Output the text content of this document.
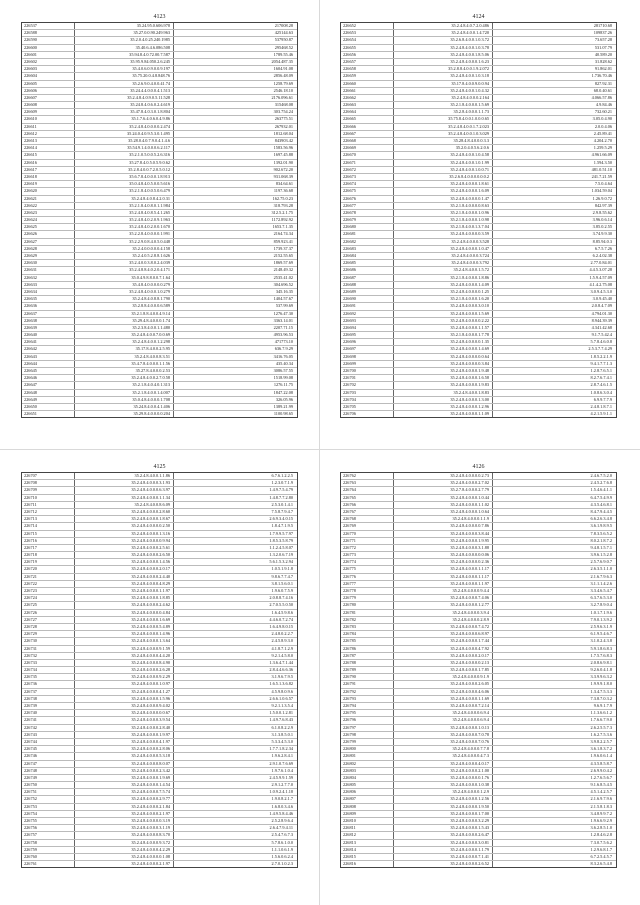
4123
226537	35.24.95.0.606.978	217008.28
226588	35.27.0.0.90.249.963	425144.63
226590	35.2.0.4.0.25.240.1985	537950.87
226600	35.40.6.4.6.086.508	295468.52
226601	35.94.8.4.0.72.00.7.587	1789.55.46
226602	35.95.9.84.050.2.6.245	2054.487.35
226603	35.4.0.6.0.9.0.0.9.197	1604.91.08
226604	35.75.20.0.4.8.848.76	2856.48.09
226605	35.2.6.9.0.4.0.0.41.74	1258.79.69
226606	35.24.4.4.0.0.0.4.1.513	2546.18.10
226607	35.2.4.8.4.0.9.0.5.11.528	2176.096.61
226608	35.24.8.4.0.6.0.2.4.619	315468.08
226609	35.47.8.4.0.3.0.1.8.804	303.754.24
226610	35.1.7.6.4.0.6.0.4.9.86	263775.51
226611	35.2.4.8.4.0.0.0.0.2.474	267932.01
226612	35.24.0.4.0.9.5.3.0.1.495	1812.68.04
226613	35.28.0.4.0.7.9.0.4.1.4.6	843903.42
226614	35.54.9.1.4.0.0.0.6.2.117	1583.56.96
226615	35.2.1.0.5.0.0.5.2.6.316	1697.45.88
226616	35.27.8.4.0.5.0.5.9.0.62	1392.01.90
226617	35.2.8.4.0.0.7.2.0.5.0.12	902.672.20
226618	35.6.7.8.4.0.0.0.1.8.913	931.068.39
226619	35.0.4.8.4.0.5.0.0.5.616	834.64.61
226620	35.2.1.8.4.0.0.5.0.6.479	1197.36.68
226621	35.2.4.8.4.0.8.4.2.0.31	162.75.0.23
226622	35.2.1.8.4.0.8.0.1.1.984	318.793.28
226623	35.2.4.8.4.0.8.5.4.1.265	312.5.2.1.75
226624	35.2.4.8.4.0.2.0.9.1.963	1172.892.92
226625	35.2.4.8.4.0.2.0.0.1.670	1653.7.1.35
226626	35.2.2.8.4.0.0.0.0.1.991	2164.74.34
226627	35.2.2.9.0.8.4.0.5.0.448	859.923.41
226628	35.2.4.0.0.0.0.0.4.158	1739.37.37
226629	35.2.4.0.5.2.8.8.1.626	2152.55.65
226630	35.2.4.0.0.3.8.0.2.4.039	1869.57.69
226631	35.2.4.8.8.4.0.2.0.4.171	2148.49.32
226632	35.0.4.9.8.8.0.0.7.1.64	2535.41.02
226633	35.4.8.4.0.0.0.0.0.279	304.696.52
226634	35.2.4.8.4.0.0.0.1.0.279	345.16.35
226635	35.2.4.8.4.0.8.8.1.790	1404.57.67
226636	35.2.8.8.4.0.0.0.6.589	537.99.69
226637	35.2.1.8.8.4.0.0.4.9.14	1276.47.30
226638	35.29.4.8.4.0.0.0.1.74	3363.14.01
226639	35.2.3.8.4.0.0.1.1.480	2207.71.15
226640	35.2.4.8.4.0.0.7.0.0.69	4953.96.53
226641	35.2.4.8.4.0.0.1.2.298	471773.10
226642	35.17.8.4.0.0.2.5.95	636.7.9.29
226643	35.2.4.8.4.0.0.8.3.51	3416.76.05
226644	35.4.7.8.4.0.0.0.1.1.56	435.40.34
226645	35.27.8.4.0.0.0.2.53	3086.57.55
226646	35.2.4.8.4.0.0.2.7.0.58	1518.99.08
226647	35.2.1.8.4.0.4.0.1.313	1276.11.75
226648	35.2.1.8.4.0.0.1.4.007	1847.22.08
226649	35.0.4.8.4.0.0.0.1.708	326.05.96
226650	35.24.8.4.0.0.4.1.406	1389.21.99
226651	35.29.8.4.0.0.0.0.204	1100.98.65
4124
226652	35.2.4.8.4.0.7.2.0.486	281710.68
226653	35.2.4.8.4.0.0.1.4.720	109837.26
226654	35.2.6.8.4.0.0.1.0.3.72	73.657.28
226655	35.2.4.8.4.0.0.1.0.3.78	531.07.79
226656	35.2.4.8.4.0.0.1.8.5.06	40.589.20
226657	35.2.4.8.4.0.0.0.1.6.23	31.828.62
226658	35.2.8.8.4.0.0.1.9.2.072	91.862.01
226659	35.2.4.8.4.0.0.1.0.3.18	1.736.70.46
226660	35.17.8.4.0.0.9.0.0.94	827.92.31
226661	35.2.4.8.4.0.0.1.0.4.32	68.0.40.61
226662	35.2.4.8.4.0.0.0.2.164	4.066.57.86
226663	35.2.1.8.4.0.0.0.1.5.69	4.9.84.46
226664	35.2.8.4.0.0.0.1.1.73	732.60.21
226665	35.75.8.4.0.0.1.0.0.0.65	3.05.0.4.90
226666	35.2.4.8.4.0.0.1.7.2.023	2.0.0.4.06
226667	35.2.4.8.4.0.0.1.0.3.029	2.45.89.41
226668	35.28.4.8.4.0.0.0.3.3	4.204.2.70
226669	35.2.0.4.0.5.6.2.0.6	1.259.5.29
226670	35.2.4.8.4.0.0.1.0.4.58	4.961.66.09
226671	35.2.4.8.4.0.0.1.0.1.99	1.594.3.50
226672	35.2.4.8.4.0.0.1.0.0.71	481.0.51.10
226673	35.2.6.8.4.0.0.0.0.0.0.2	241.7.21.59
226674	35.2.4.8.4.0.0.0.1.8.61	7.5.0.4.64
226675	35.2.4.8.4.0.0.0.1.6.09	1.034.59.04
226676	35.2.4.8.4.0.0.0.0.1.47	1.26.9.0.72
226677	35.2.1.8.4.0.0.0.0.8.63	842.97.39
226678	35.2.1.8.4.0.0.0.1.0.96	2.9.8.55.62
226679	35.2.1.8.4.0.0.0.1.0.98	3.96.0.6.14
226680	35.2.1.8.4.0.0.1.3.7.04	3.85.0.2.55
226681	35.2.4.8.4.0.0.0.0.3.59	3.74.9.9.30
226682	35.2.4.8.4.0.0.0.3.528	8.85.94.0.3
226683	35.2.4.8.4.0.0.0.1.0.47	6.7.5.7.26
226684	35.2.4.8.4.0.0.0.3.724	6.2.4.02.38
226685	35.2.4.8.4.0.0.0.3.792	2.77.0.84.01
226686	35.2.4.8.4.0.0.1.5.72	4.4.5.3.07.28
226687	35.2.1.8.4.0.0.0.1.8.86	1.5.9.4.57.09
226688	35.2.4.8.4.0.0.0.1.4.09	4.1.4.2.75.08
226689	35.2.4.8.4.0.0.0.0.1.25	3.0.9.4.5.3.0
226690	35.2.1.8.4.0.0.0.1.6.20	3.0.9.45.40
226691	35.2.4.8.4.0.0.0.3.0.10	2.0.8.4.7.09
226692	35.2.4.8.4.0.0.0.1.5.69	4.794.01.30
226693	35.2.4.8.4.0.0.0.0.2.22	8.944.39.39
226694	35.2.4.8.4.0.0.0.1.1.57	4.341.42.68
226695	35.2.1.8.4.0.0.0.1.7.78	9.1.7.5.42.4
226696	35.2.4.8.4.0.0.0.0.1.35	5.7.8.4.6.0.8
226697	35.2.4.8.4.0.0.0.1.4.69	2.5.3.7.7.4.29
226698	35.2.4.8.4.0.0.0.0.0.64	1.8.5.2.2.1.9
226699	35.2.4.8.4.0.0.0.0.3.84	9.4.1.7.7.1.3
226700	35.2.4.8.4.0.0.0.1.9.48	1.2.8.7.6.5.1
226701	35.2.4.8.4.0.0.0.1.6.58	8.2.7.6.7.4.1
226702	35.2.4.8.4.0.0.0.1.9.83	2.8.7.4.6.1.5
226703	35.2.4.8.4.0.0.1.8.83	1.0.8.6.3.0.4
226704	35.2.4.8.4.0.0.0.1.3.00	6.9.9.7.7.9
226705	35.2.4.8.4.0.0.0.1.2.96	2.4.8.1.8.7.1
226706	35.2.4.8.4.0.0.0.1.1.09	4.2.1.5.9.1.1
4125
226707	35.2.4.8.4.0.0.1.1.86	6.7.6.1.2.2.5
226708	35.2.4.8.4.0.0.0.3.1.93	1.2.3.0.7.1.9
226709	35.2.4.8.4.0.0.0.6.3.97	1.4.9.7.5.4.79
226710	35.2.4.8.4.0.0.0.1.1.34	1.4.8.7.7.2.80
226711	35.2.4.8.4.0.0.8.6.09	2.5.3.0.1.4.1
226712	35.2.4.8.4.0.0.0.2.8.60	7.5.8.7.9.4.7
226713	35.2.4.8.4.0.0.0.1.8.67	2.6.9.3.4.0.15
226714	35.2.4.8.4.0.0.0.0.2.50	1.8.4.7.1.9.5
226715	35.2.4.8.4.0.0.0.1.3.16	1.7.9.9.5.7.97
226716	35.2.4.8.4.0.0.0.0.9.94	1.8.5.3.5.8.79
226717	35.2.4.8.4.0.0.0.2.5.61	1.1.2.4.5.8.07
226718	35.2.4.8.4.0.0.0.2.6.50	1.3.2.0.6.7.19
226719	35.2.4.8.4.0.0.0.1.4.56	5.6.1.5.3.2.94
226720	35.2.4.8.4.0.0.0.2.0.17	1.0.5.1.9.1.8
226721	35.2.4.8.4.0.0.0.2.4.40	9.8.6.7.7.4.7
226722	35.2.4.8.4.0.0.0.4.8.29	3.8.1.5.6.0.1
226723	35.2.4.8.4.0.0.0.1.1.97	1.9.6.0.7.5.9
226724	35.2.4.8.4.0.0.0.1.8.85	2.0.8.8.7.4.16
226725	35.2.4.8.4.0.0.0.2.4.62	2.7.0.5.5.0.50
226726	35.2.4.8.4.0.0.0.0.4.84	1.6.4.5.9.8.6
226727	35.2.4.8.4.0.0.0.1.6.69	4.4.6.0.7.2.74
226728	35.2.4.8.4.0.0.0.5.4.89	1.6.4.9.8.0.15
226729	35.2.4.8.4.0.0.0.1.4.96	2.4.8.0.2.2.7
226730	35.2.4.8.4.0.0.0.1.3.64	2.4.5.8.9.3.0
226731	35.2.4.8.4.0.0.0.9.1.59	4.1.8.7.1.2.9
226732	35.2.4.8.4.0.0.0.4.4.20	9.2.1.4.5.8.0
226733	35.2.4.8.4.0.0.0.8.4.90	1.3.6.4.7.1.44
226734	35.2.4.8.4.0.0.0.2.6.28	2.8.4.4.6.6.36
226735	35.2.4.8.4.0.0.0.9.2.29	3.1.9.6.7.9.5
226736	35.2.4.8.4.0.0.0.1.0.97	1.6.5.1.3.6.82
226737	35.2.4.8.4.0.0.0.4.1.27	4.5.9.8.0.9.6
226738	35.2.4.8.4.0.0.0.1.5.96	2.6.6.1.0.6.57
226739	35.2.4.8.4.0.0.0.9.4.02	9.2.1.1.3.5.4
226740	35.2.4.8.4.0.0.0.0.0.67	1.5.0.0.1.2.81
226741	35.2.4.8.4.0.0.0.3.9.54	1.4.9.7.6.8.43
226742	35.2.4.8.4.0.0.0.2.8.40	6.1.0.8.2.2.9
226743	35.2.4.8.4.0.0.0.1.9.97	3.1.3.8.5.0.1
226744	35.2.4.8.4.0.0.0.4.1.97	5.3.3.4.5.3.0
226745	35.2.4.8.4.0.0.0.2.8.06	1.7.7.1.8.2.34
226746	35.2.4.8.4.0.0.0.5.3.18	1.9.6.2.8.4.1
226747	35.2.4.8.4.0.0.0.8.0.07	2.9.1.0.7.6.69
226748	35.2.4.8.4.0.0.0.2.3.42	1.9.7.6.1.0.4
226749	35.2.4.8.4.0.0.0.1.9.69	2.4.5.9.9.1.59
226750	35.2.4.8.4.0.0.0.1.4.54	2.9.1.2.7.7.0
226751	35.2.4.8.4.0.0.0.7.5.74	1.0.9.2.4.1.18
226752	35.2.4.8.4.0.0.0.2.9.77	1.9.0.8.2.1.7
226753	35.2.4.8.4.0.0.0.2.1.84	1.6.8.0.3.4.6
226754	35.2.4.8.4.0.0.0.2.1.97	1.4.9.5.8.4.46
226755	35.2.4.8.4.0.0.0.0.3.19	2.5.2.8.9.6.4
226756	35.2.4.8.4.0.0.0.3.1.19	2.6.4.7.9.4.11
226757	35.2.4.8.4.0.0.0.8.3.70	2.5.4.7.6.7.3
226758	35.2.4.8.4.0.0.0.9.3.72	5.7.8.6.1.0.0
226759	35.2.4.8.4.0.0.0.4.2.29	1.1.1.0.6.1.9
226760	35.2.4.8.4.0.0.0.0.1.08	1.5.6.0.6.2.4
226761	35.2.4.8.4.0.0.0.2.1.97	2.7.0.1.0.2.3
4126
226762	35.2.4.8.4.0.0.0.0.2.73	2.4.6.7.5.2.0
226763	35.2.4.8.4.0.0.0.2.7.02	2.4.5.2.7.6.8
226764	35.2.7.8.4.0.0.0.2.7.79	1.5.4.6.4.1.1
226765	35.2.4.8.4.0.0.0.1.0.44	6.4.7.5.4.9.9
226766	35.2.4.8.4.0.0.0.1.1.02	4.3.5.4.6.8.1
226767	35.2.4.8.4.0.0.0.1.0.64	8.4.7.9.4.4.5
226768	35.2.4.8.4.0.0.0.1.1.9	6.6.2.6.3.4.8
226769	35.2.4.8.4.0.0.0.0.7.86	3.6.1.9.8.9.5
226770	35.2.4.8.4.0.0.0.3.8.44	7.8.3.5.6.5.2
226771	35.2.4.8.4.0.0.0.1.9.95	8.0.2.1.8.7.2
226772	35.2.4.8.4.0.0.0.3.1.88	9.4.8.1.5.7.1
226773	35.2.4.8.4.0.0.0.0.0.06	3.9.6.1.5.2.8
226774	35.2.4.8.4.0.0.0.0.2.36	2.5.7.6.9.0.7
226775	35.2.4.8.4.0.0.0.1.1.17	2.6.3.5.1.1.0
226776	35.2.4.8.4.0.0.0.1.1.17	2.1.6.7.9.6.3
226777	35.2.4.8.4.0.0.0.1.1.97	3.1.1.1.4.2.6
226778	35.2.4.8.4.0.0.0.9.4.4	3.3.4.6.5.4.7
226779	35.2.4.8.4.0.0.0.7.4.06	6.3.7.6.5.3.0
226780	35.2.4.8.4.0.0.0.1.2.77	3.2.7.8.9.0.4
226781	35.2.4.8.4.0.0.0.3.9.4	1.0.1.7.1.9.6
226782	35.2.4.8.4.0.0.0.2.8.9	7.9.0.1.3.9.2
226783	35.2.4.8.4.0.0.0.7.4.72	2.5.9.6.3.1.9
226784	35.2.4.8.4.0.0.0.6.8.97	6.1.9.5.4.6.7
226785	35.2.4.8.4.0.0.0.1.7.44	3.1.0.2.4.3.8
226786	35.2.4.8.4.0.0.0.4.7.92	5.9.1.8.6.8.3
226787	35.2.4.8.4.0.0.0.2.0.17	1.7.5.7.6.8.3
226788	35.2.4.8.4.0.0.0.0.2.13	2.0.8.6.9.8.1
226789	35.2.4.8.4.0.0.0.1.7.85	9.2.6.0.4.1.8
226790	35.2.4.8.4.0.0.0.9.1.9	3.3.9.9.6.3.2
226791	35.2.4.8.4.0.0.0.2.6.05	1.9.9.9.1.8.0
226792	35.2.4.8.4.0.0.0.4.6.06	1.3.4.7.5.3.3
226793	35.2.4.8.4.0.0.0.1.1.69	7.3.8.7.0.3.2
226794	35.2.4.8.4.0.0.0.7.2.14	9.6.9.1.7.9
226795	35.2.4.8.4.0.0.0.6.9.4	1.1.3.6.6.1.2
226796	35.2.4.8.4.0.0.0.6.9.4	1.7.6.6.7.9.0
226797	35.2.4.8.4.0.0.0.1.0.13	2.6.2.5.5.7.3
226798	35.2.4.8.4.0.0.0.7.0.78	1.6.2.7.5.3.6
226799	35.2.4.8.4.0.0.0.7.0.76	3.9.8.2.2.5.7
226800	35.2.4.8.4.0.0.0.7.7.8	3.6.1.8.3.7.2
226801	35.2.4.8.4.0.0.0.4.7.3	1.9.6.0.6.1.4
226802	35.2.4.8.4.0.0.0.4.0.17	4.3.5.8.5.8.7
226803	35.2.4.8.4.0.0.0.2.1.00	2.6.9.9.0.4.2
226804	35.2.4.8.4.0.0.0.0.1.76	1.2.7.6.5.6.7
226805	35.2.4.8.4.0.0.0.1.0.38	9.1.6.8.5.4.5
226806	35.2.4.8.4.0.0.0.1.2.9	4.5.1.4.2.5.7
226807	35.2.4.8.4.0.0.0.1.2.56	2.1.6.9.7.9.6
226808	35.2.4.8.4.0.0.0.1.9.50	2.1.5.8.1.8.3
226809	35.2.4.8.4.0.0.0.1.7.00	3.4.8.9.9.7.2
226810	35.2.4.8.4.0.0.0.3.2.29	1.9.6.6.9.2.9
226811	35.2.4.8.4.0.0.0.1.5.43	3.6.2.8.5.1.0
226812	35.2.4.8.4.0.0.0.2.6.47	1.2.8.4.6.2.8
226813	35.2.4.8.4.0.0.0.3.0.81	7.3.0.7.5.6.2
226814	35.2.4.8.4.0.0.0.1.1.79	1.2.9.6.8.1.7
226815	35.2.4.8.4.0.0.0.7.1.41	6.7.2.5.4.5.7
226816	35.2.4.8.4.0.0.0.2.6.52	8.3.2.6.5.4.8
